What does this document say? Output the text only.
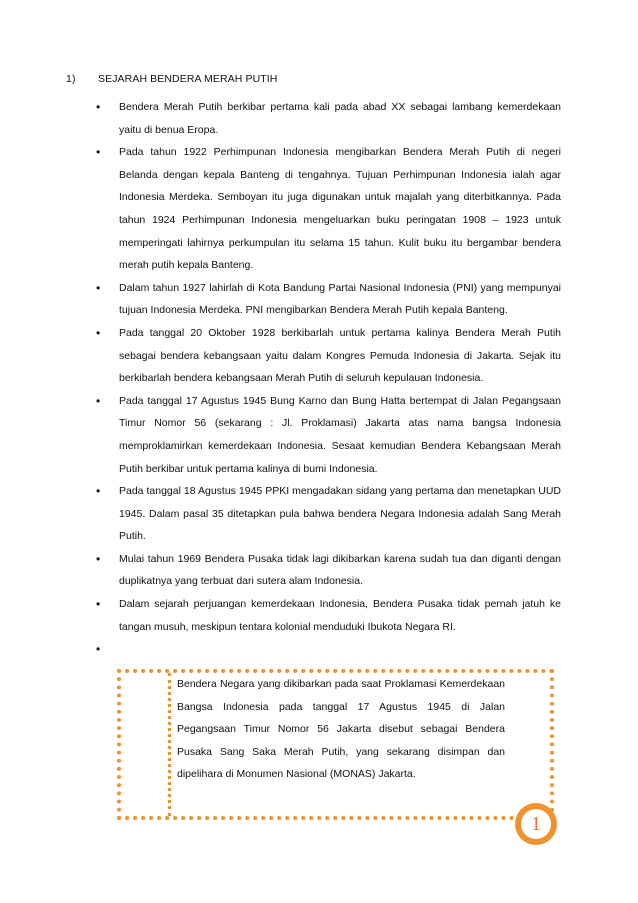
1) SEJARAH BENDERA MERAH PUTIH
• Bendera Merah Putih berkibar pertama kali pada abad XX sebagai lambang kemerdekaan yaitu di benua Eropa.
• Pada tahun 1922 Perhimpunan Indonesia mengibarkan Bendera Merah Putih di negeri Belanda dengan kepala Banteng di tengahnya. Tujuan Perhimpunan Indonesia ialah agar Indonesia Merdeka. Semboyan itu juga digunakan untuk majalah yang diterbitkannya. Pada tahun 1924 Perhimpunan Indonesia mengeluarkan buku peringatan 1908 – 1923 untuk memperingati lahirnya perkumpulan itu selama 15 tahun. Kulit buku itu bergambar bendera merah putih kepala Banteng.
• Dalam tahun 1927 lahirlah di Kota Bandung Partai Nasional Indonesia (PNI) yang mempunyai tujuan Indonesia Merdeka. PNI mengibarkan Bendera Merah Putih kepala Banteng.
• Pada tanggal 20 Oktober 1928 berkibarlah untuk pertama kalinya Bendera Merah Putih sebagai bendera kebangsaan yaitu dalam Kongres Pemuda Indonesia di Jakarta. Sejak itu berkibarlah bendera kebangsaan Merah Putih di seluruh kepulauan Indonesia.
• Pada tanggal 17 Agustus 1945 Bung Karno dan Bung Hatta bertempat di Jalan Pegangsaan Timur Nomor 56 (sekarang : Jl. Proklamasi) Jakarta atas nama bangsa Indonesia memproklamirkan kemerdekaan Indonesia. Sesaat kemudian Bendera Kebangsaan Merah Putih berkibar untuk pertama kalinya di bumi Indonesia.
• Pada tanggal 18 Agustus 1945 PPKI mengadakan sidang yang pertama dan menetapkan UUD 1945. Dalam pasal 35 ditetapkan pula bahwa bendera Negara Indonesia adalah Sang Merah Putih.
• Mulai tahun 1969 Bendera Pusaka tidak lagi dikibarkan karena sudah tua dan diganti dengan duplikatnya yang terbuat dari sutera alam Indonesia.
• Dalam sejarah perjuangan kemerdekaan Indonesia, Bendera Pusaka tidak pernah jatuh ke tangan musuh, meskipun tentara kolonial menduduki Ibukota Negara RI.
•

Bendera Negara yang dikibarkan pada saat Proklamasi Kemerdekaan Bangsa Indonesia pada tanggal 17 Agustus 1945 di Jalan Pegangsaan Timur Nomor 56 Jakarta disebut sebagai Bendera Pusaka Sang Saka Merah Putih, yang sekarang disimpan dan dipelihara di Monumen Nasional (MONAS) Jakarta.

1
